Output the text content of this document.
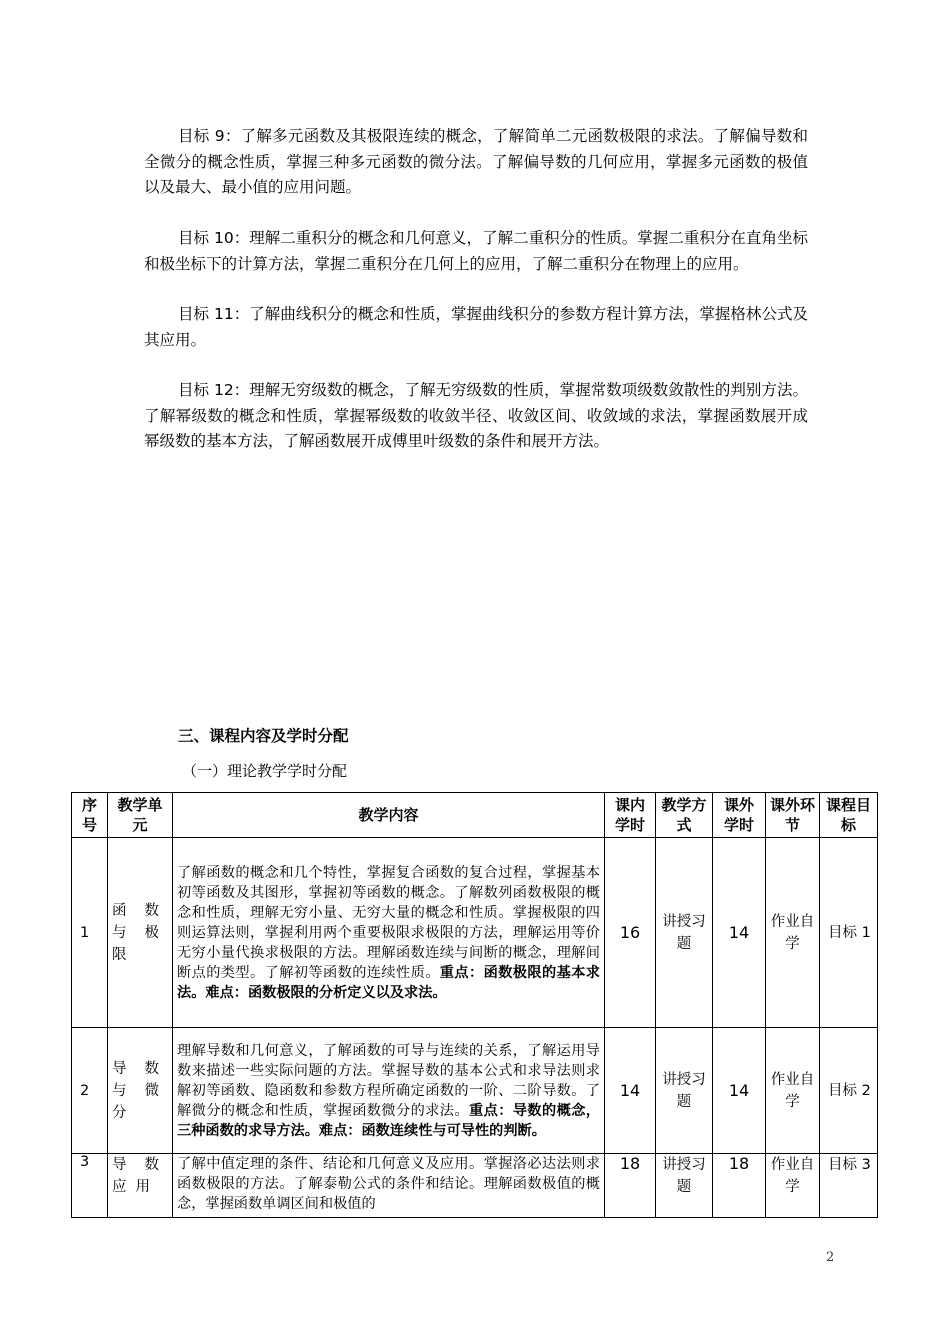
目标 9：了解多元函数及其极限连续的概念，了解简单二元函数极限的求法。了解偏导数和全微分的概念性质，掌握三种多元函数的微分法。了解偏导数的几何应用，掌握多元函数的极值以及最大、最小值的应用问题。

目标 10：理解二重积分的概念和几何意义，了解二重积分的性质。掌握二重积分在直角坐标和极坐标下的计算方法，掌握二重积分在几何上的应用，了解二重积分在物理上的应用。

目标 11：了解曲线积分的概念和性质，掌握曲线积分的参数方程计算方法，掌握格林公式及其应用。

目标 12：理解无穷级数的概念，了解无穷级数的性质，掌握常数项级数敛散性的判别方法。了解幂级数的概念和性质，掌握幂级数的收敛半径、收敛区间、收敛域的求法，掌握函数展开成幂级数的基本方法，了解函数展开成傅里叶级数的条件和展开方法。

三、课程内容及学时分配

（一）理论教学学时分配

序号	教学单元	教学内容	课内学时	教学方式	课外学时	课外环节	课程目标
1	函数与极限	了解函数的概念和几个特性，掌握复合函数的复合过程，掌握基本初等函数及其图形，掌握初等函数的概念。了解数列函数极限的概念和性质，理解无穷小量、无穷大量的概念和性质。掌握极限的四则运算法则，掌握利用两个重要极限求极限的方法，理解运用等价无穷小量代换求极限的方法。理解函数连续与间断的概念，理解间断点的类型。了解初等函数的连续性质。重点：函数极限的基本求法。难点：函数极限的分析定义以及求法。	16	讲授习题	14	作业自学	目标 1
2	导数与微分	理解导数和几何意义，了解函数的可导与连续的关系，了解运用导数来描述一些实际问题的方法。掌握导数的基本公式和求导法则求解初等函数、隐函数和参数方程所确定函数的一阶、二阶导数。了解微分的概念和性质，掌握函数微分的求法。重点：导数的概念，三种函数的求导方法。难点：函数连续性与可导性的判断。	14	讲授习题	14	作业自学	目标 2
3	导数应用	了解中值定理的条件、结论和几何意义及应用。掌握洛必达法则求函数极限的方法。了解泰勒公式的条件和结论。理解函数极值的概念，掌握函数单调区间和极值的	18	讲授习题	18	作业自学	目标 3
2
